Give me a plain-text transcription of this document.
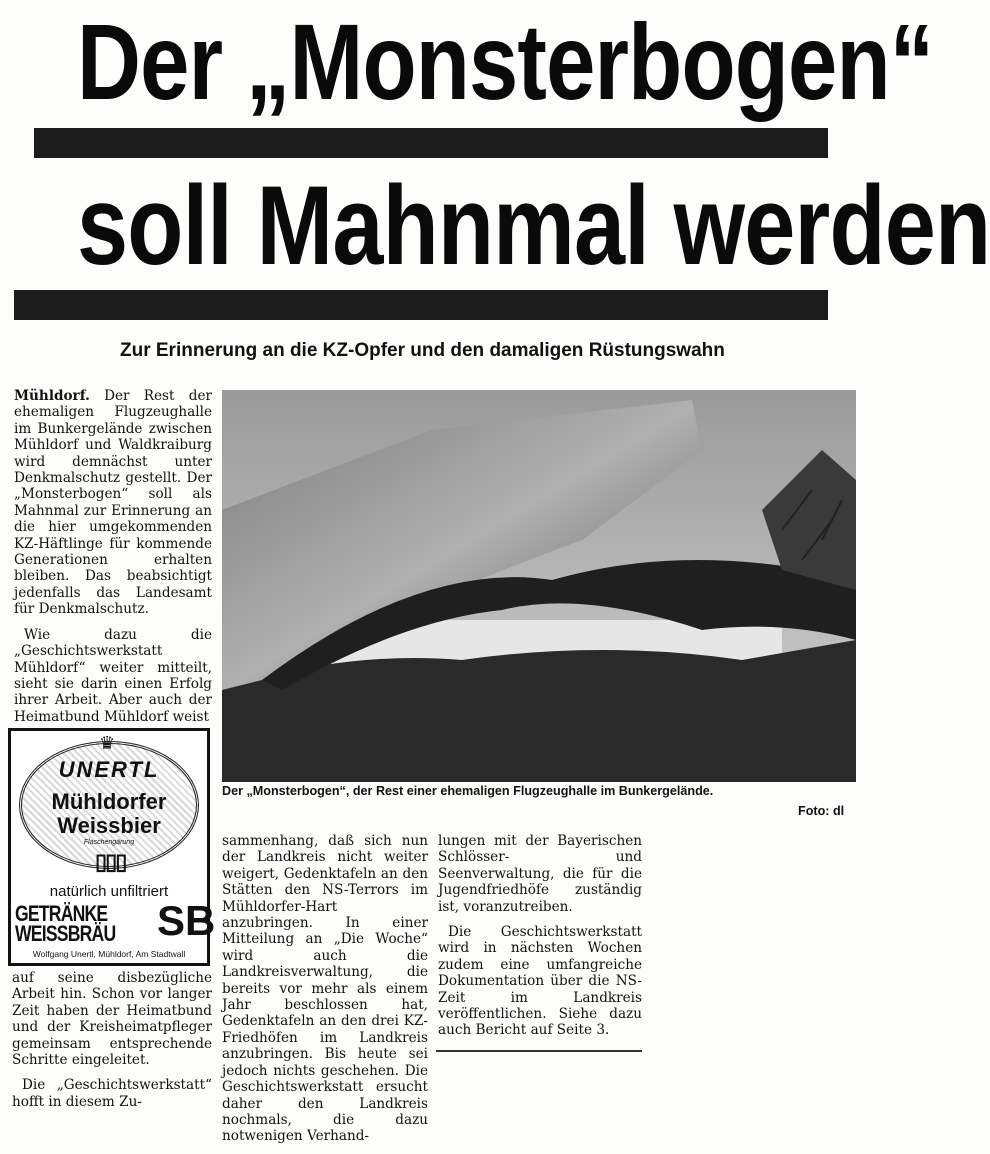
Der „Monsterbogen“
soll Mahnmal werden
Zur Erinnerung an die KZ-Opfer und den damaligen Rüstungswahn

Mühldorf. Der Rest der ehemaligen Flugzeughalle im Bunkergelände zwischen Mühldorf und Waldkraiburg wird demnächst unter Denkmalschutz gestellt. Der „Monsterbogen“ soll als Mahnmal zur Erinnerung an die hier umgekommenden KZ-Häftlinge für kommende Generationen erhalten bleiben. Das beabsichtigt jedenfalls das Landesamt für Denkmalschutz.

Wie dazu die „Geschichtswerkstatt Mühldorf“ weiter mitteilt, sieht sie darin einen Erfolg ihrer Arbeit. Aber auch der Heimatbund Mühldorf weist

♛
UNERTL
Mühldorfer
Weissbier
Flaschengärung
▯▯▯
natürlich unfiltriert
GETRÄNKE
WEISSBRÄU SB
Wolfgang Unertl, Mühldorf, Am Stadtwall

auf seine disbezügliche Arbeit hin. Schon vor langer Zeit haben der Heimatbund und der Kreisheimatpfleger gemeinsam entsprechende Schritte eingeleitet.

Die „Geschichtswerkstatt“ hofft in diesem Zu-

Der „Monsterbogen“, der Rest einer ehemaligen Flugzeughalle im Bunkergelände.
Foto: dl

sammenhang, daß sich nun der Landkreis nicht weiter weigert, Gedenktafeln an den Stätten den NS-Terrors im Mühldorfer-Hart anzubringen. In einer Mitteilung an „Die Woche“ wird auch die Landkreisverwaltung, die bereits vor mehr als einem Jahr beschlossen hat, Gedenktafeln an den drei KZ-Friedhöfen im Landkreis anzubringen. Bis heute sei jedoch nichts geschehen. Die Geschichtswerkstatt ersucht daher den Landkreis nochmals, die dazu notwenigen Verhand-

lungen mit der Bayerischen Schlösser- und Seenverwaltung, die für die Jugendfriedhöfe zuständig ist, voranzutreiben.

Die Geschichtswerkstatt wird in nächsten Wochen zudem eine umfangreiche Dokumentation über die NS-Zeit im Landkreis veröffentlichen. Siehe dazu auch Bericht auf Seite 3.
